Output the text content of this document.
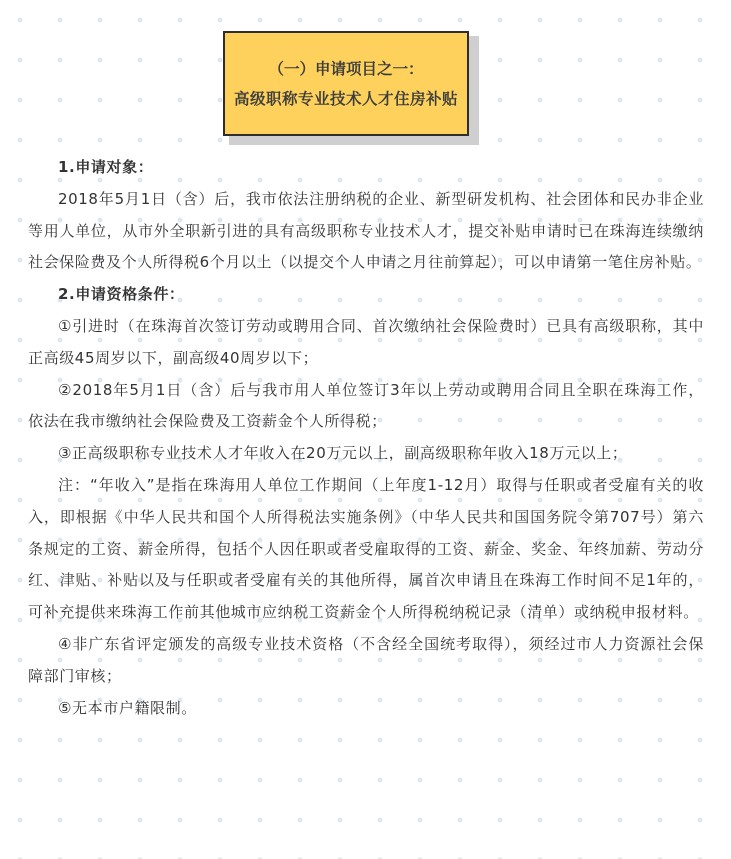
（一）申请项目之一：
高级职称专业技术人才住房补贴

1.申请对象：

2018年5月1日（含）后，我市依法注册纳税的企业、新型研发机构、社会团体和民办非企业等用人单位，从市外全职新引进的具有高级职称专业技术人才，提交补贴申请时已在珠海连续缴纳社会保险费及个人所得税6个月以上（以提交个人申请之月往前算起），可以申请第一笔住房补贴。

2.申请资格条件：

①引进时（在珠海首次签订劳动或聘用合同、首次缴纳社会保险费时）已具有高级职称，其中正高级45周岁以下，副高级40周岁以下；

②2018年5月1日（含）后与我市用人单位签订3年以上劳动或聘用合同且全职在珠海工作，依法在我市缴纳社会保险费及工资薪金个人所得税；

③正高级职称专业技术人才年收入在20万元以上，副高级职称年收入18万元以上；

注：“年收入”是指在珠海用人单位工作期间（上年度1-12月）取得与任职或者受雇有关的收入，即根据《中华人民共和国个人所得税法实施条例》（中华人民共和国国务院令第707号）第六条规定的工资、薪金所得，包括个人因任职或者受雇取得的工资、薪金、奖金、年终加薪、劳动分红、津贴、补贴以及与任职或者受雇有关的其他所得，属首次申请且在珠海工作时间不足1年的，可补充提供来珠海工作前其他城市应纳税工资薪金个人所得税纳税记录（清单）或纳税申报材料。

④非广东省评定颁发的高级专业技术资格（不含经全国统考取得），须经过市人力资源社会保障部门审核；

⑤无本市户籍限制。
